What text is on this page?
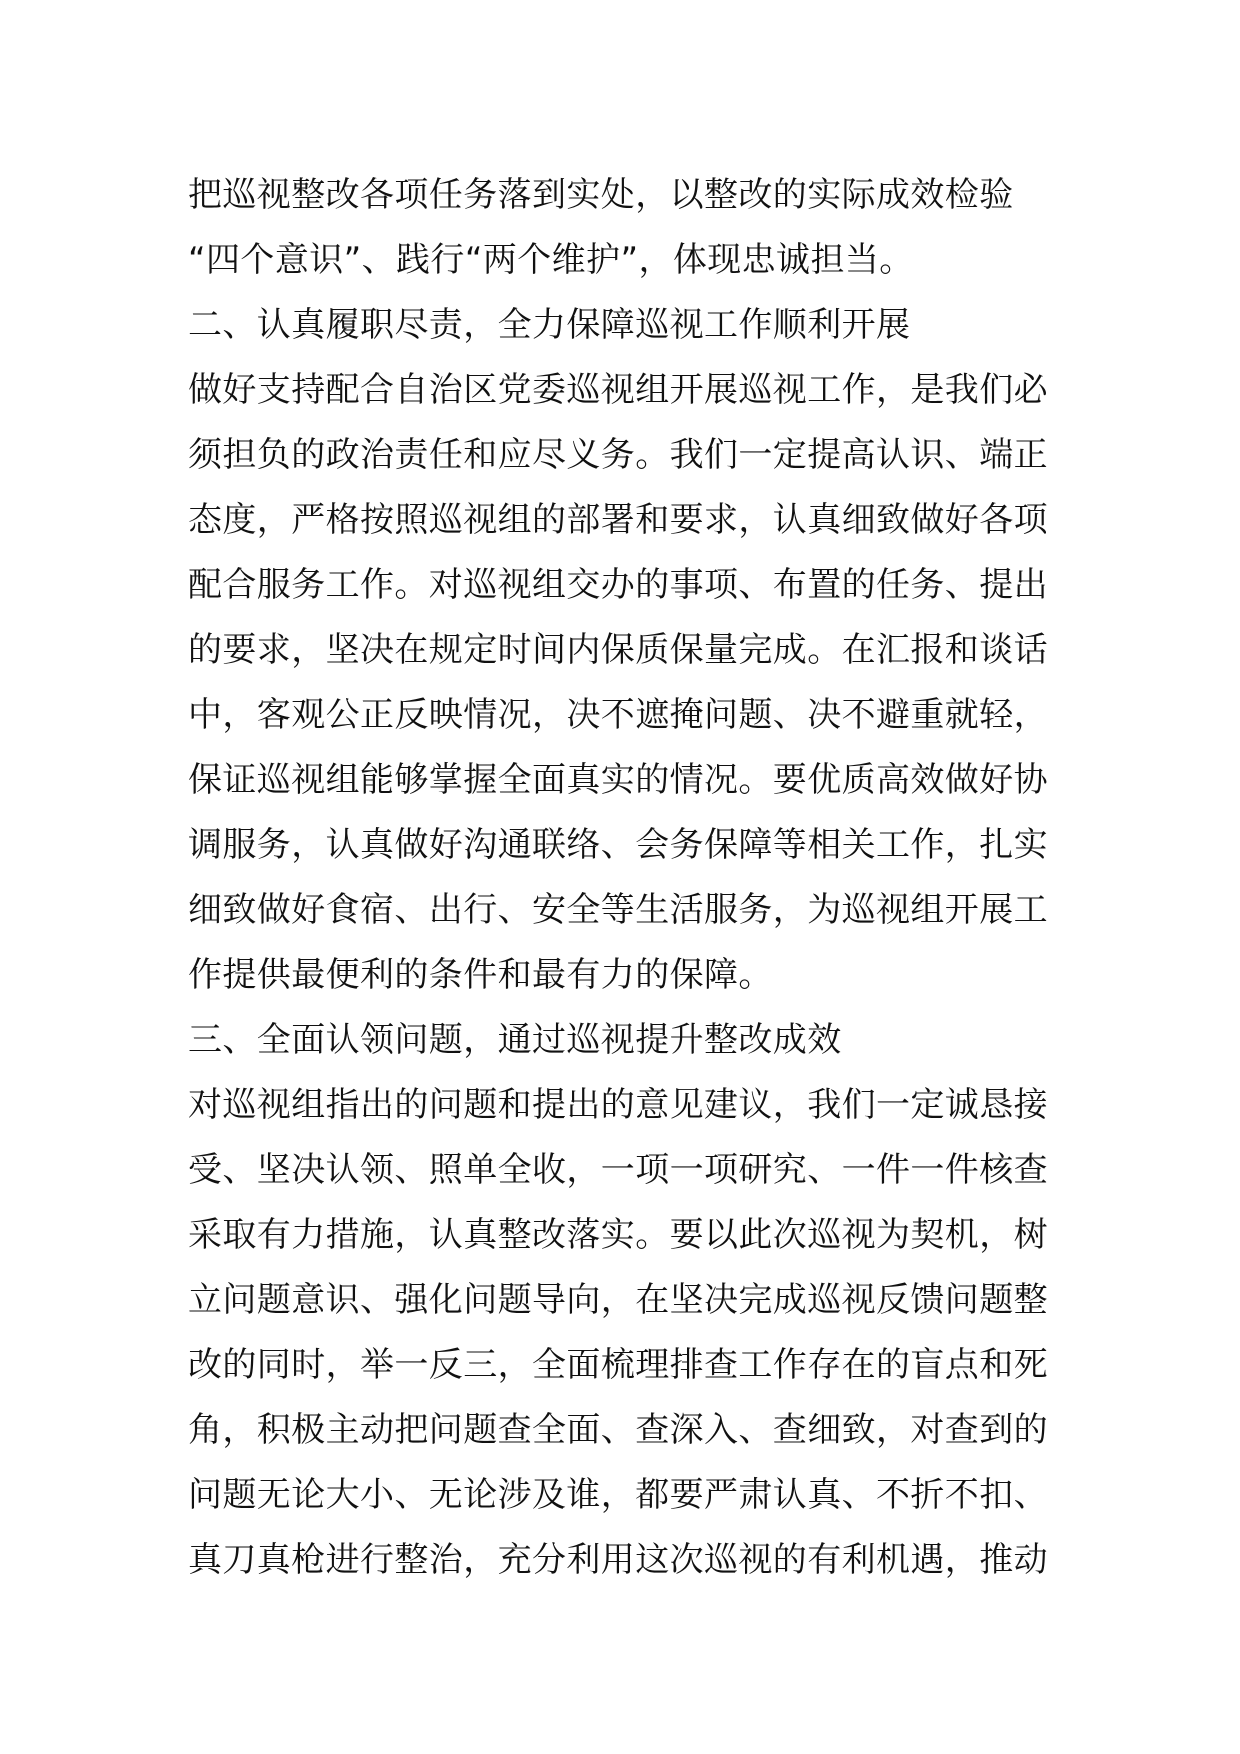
把巡视整改各项任务落到实处，以整改的实际成效检验
“四个意识”、践行“两个维护”，体现忠诚担当。
二、认真履职尽责，全力保障巡视工作顺利开展
做好支持配合自治区党委巡视组开展巡视工作，是我们必
须担负的政治责任和应尽义务。我们一定提高认识、端正
态度，严格按照巡视组的部署和要求，认真细致做好各项
配合服务工作。对巡视组交办的事项、布置的任务、提出
的要求，坚决在规定时间内保质保量完成。在汇报和谈话
中，客观公正反映情况，决不遮掩问题、决不避重就轻，
保证巡视组能够掌握全面真实的情况。要优质高效做好协
调服务，认真做好沟通联络、会务保障等相关工作，扎实
细致做好食宿、出行、安全等生活服务，为巡视组开展工
作提供最便利的条件和最有力的保障。
三、全面认领问题，通过巡视提升整改成效
对巡视组指出的问题和提出的意见建议，我们一定诚恳接
受、坚决认领、照单全收，一项一项研究、一件一件核查
采取有力措施，认真整改落实。要以此次巡视为契机，树
立问题意识、强化问题导向，在坚决完成巡视反馈问题整
改的同时，举一反三，全面梳理排查工作存在的盲点和死
角，积极主动把问题查全面、查深入、查细致，对查到的
问题无论大小、无论涉及谁，都要严肃认真、不折不扣、
真刀真枪进行整治，充分利用这次巡视的有利机遇，推动
